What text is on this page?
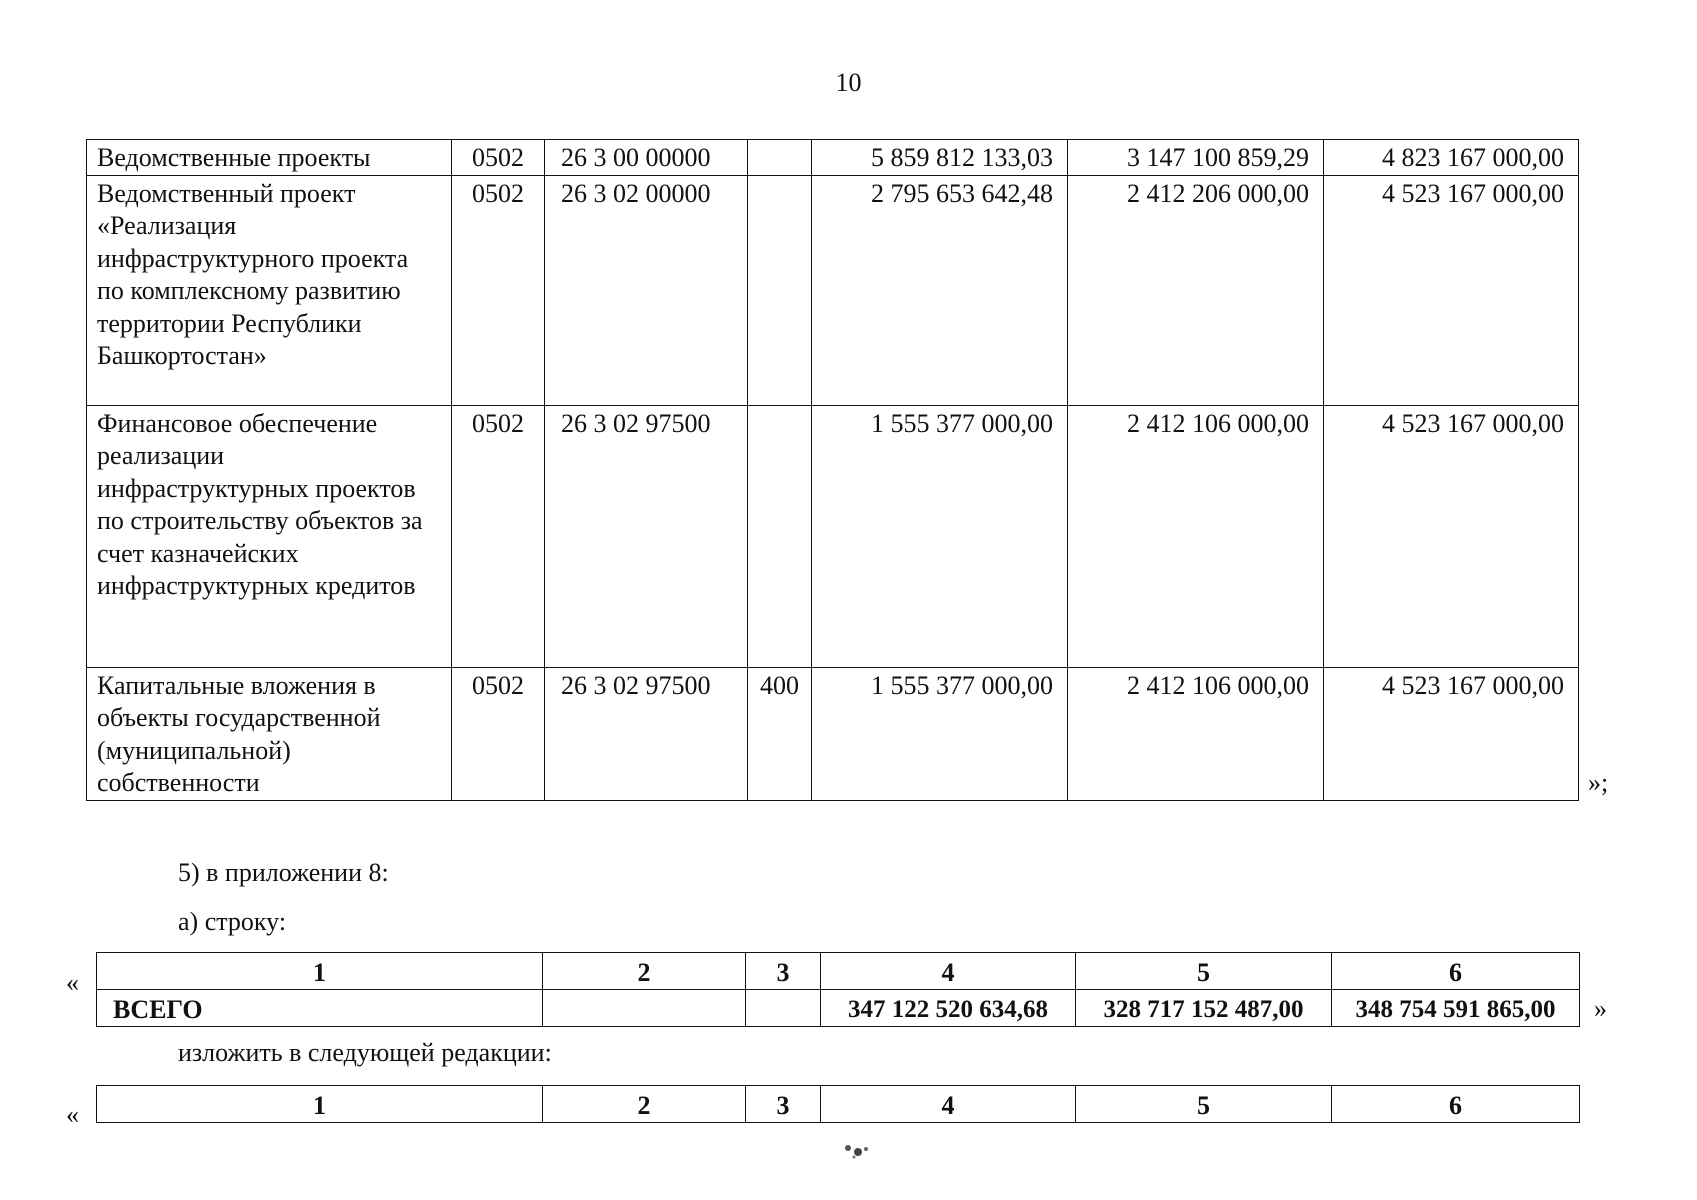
10
Ведомственные проекты	0502	26 3 00 00000		5 859 812 133,03	3 147 100 859,29	4 823 167 000,00
Ведомственный проект «Реализация инфраструктурного проекта по комплексному развитию территории Республики Башкортостан»	0502	26 3 02 00000		2 795 653 642,48	2 412 206 000,00	4 523 167 000,00
Финансовое обеспечение реализации инфраструктурных проектов по строительству объектов за счет казначейских инфраструктурных кредитов	0502	26 3 02 97500		1 555 377 000,00	2 412 106 000,00	4 523 167 000,00
Капитальные вложения в объекты государственной (муниципальной) собственности	0502	26 3 02 97500	400	1 555 377 000,00	2 412 106 000,00	4 523 167 000,00
»;
5) в приложении 8:
а) строку:
«	1	2	3	4	5	6
ВСЕГО			347 122 520 634,68	328 717 152 487,00	348 754 591 865,00 »
изложить в следующей редакции:
«	1	2	3	4	5	6
